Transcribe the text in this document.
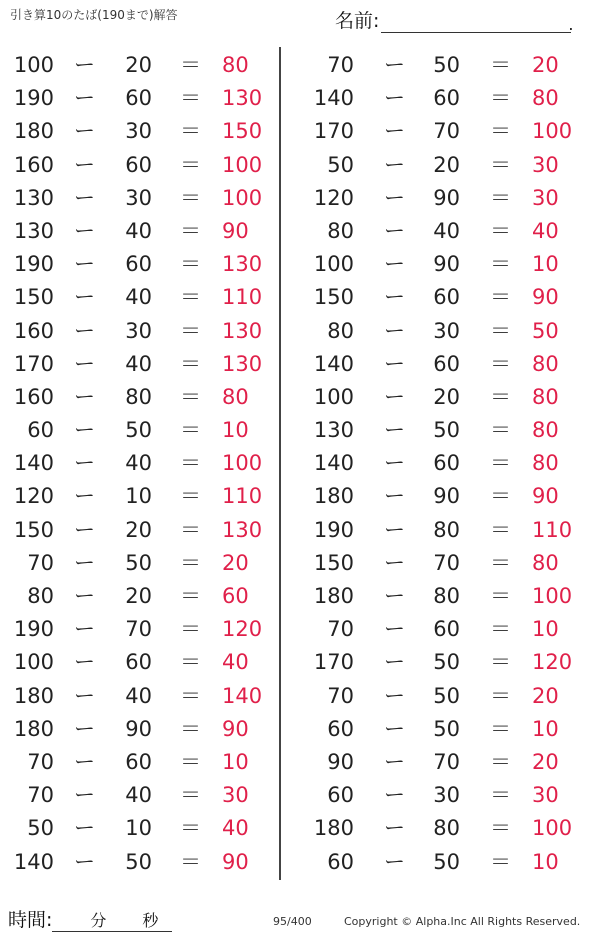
引き算10のたば(190まで)解答	名前:	.
100 ー	20 ＝ 80
190 ー	60 ＝ 130
180 ー	30 ＝ 150
160 ー	60 ＝ 100
130 ー	30 ＝ 100
130 ー	40 ＝ 90
190 ー	60 ＝ 130
150 ー	40 ＝ 110
160 ー	30 ＝ 130
170 ー	40 ＝ 130
160 ー	80 ＝ 80
60 ー	50 ＝ 10
140 ー	40 ＝ 100
120 ー	10 ＝ 110
150 ー	20 ＝ 130
70 ー	50 ＝ 20
80 ー	20 ＝ 60
190 ー	70 ＝ 120
100 ー	60 ＝ 40
180 ー	40 ＝ 140
180 ー	90 ＝ 90
70 ー	60 ＝ 10
70 ー	40 ＝ 30
50 ー	10 ＝ 40
140 ー	50 ＝ 90
70 ー	50 ＝ 20
140 ー	60 ＝ 80
170 ー	70 ＝ 100
50 ー	20 ＝ 30
120 ー	90 ＝ 30
80 ー	40 ＝ 40
100 ー	90 ＝ 10
150 ー	60 ＝ 90
80 ー	30 ＝ 50
140 ー	60 ＝ 80
100 ー	20 ＝ 80
130 ー	50 ＝ 80
140 ー	60 ＝ 80
180 ー	90 ＝ 90
190 ー	80 ＝ 110
150 ー	70 ＝ 80
180 ー	80 ＝ 100
70 ー	60 ＝ 10
170 ー	50 ＝ 120
70 ー	50 ＝ 20
60 ー	50 ＝ 10
90 ー	70 ＝ 20
60 ー	30 ＝ 30
180 ー	80 ＝ 100
60 ー	50 ＝ 10
時間: 分 秒	95/400	Copyright © Alpha.Inc All Rights Reserved.
